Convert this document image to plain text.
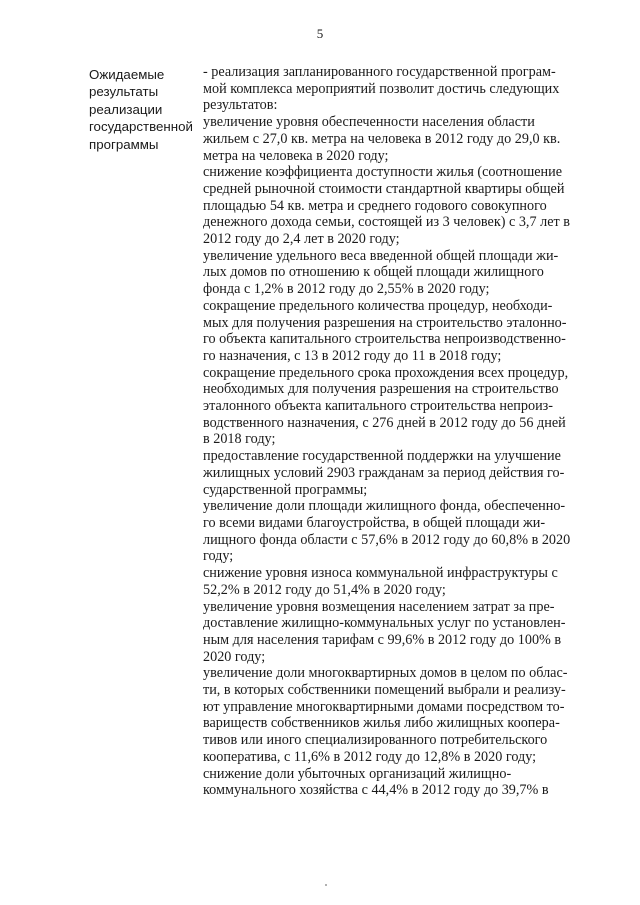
5
Ожидаемые
результаты
реализации
государственной
программы
- реализация запланированного государственной програм-
мой комплекса мероприятий позволит достичь следующих
результатов:
увеличение уровня обеспеченности населения области
жильем с 27,0 кв. метра на человека в 2012 году до 29,0 кв.
метра на человека в 2020 году;
снижение коэффициента доступности жилья (соотношение
средней рыночной стоимости стандартной квартиры общей
площадью 54 кв. метра и среднего годового совокупного
денежного дохода семьи, состоящей из 3 человек) с 3,7 лет в
2012 году до 2,4 лет в 2020 году;
увеличение удельного веса введенной общей площади жи-
лых домов по отношению к общей площади жилищного
фонда с 1,2% в 2012 году до 2,55% в 2020 году;
сокращение предельного количества процедур, необходи-
мых для получения разрешения на строительство эталонно-
го объекта капитального строительства непроизводственно-
го назначения, с 13 в 2012 году до 11 в 2018 году;
сокращение предельного срока прохождения всех процедур,
необходимых для получения разрешения на строительство
эталонного объекта капитального строительства непроиз-
водственного назначения, с 276 дней в 2012 году до 56 дней
в 2018 году;
предоставление государственной поддержки на улучшение
жилищных условий 2903 гражданам за период действия го-
сударственной программы;
увеличение доли площади жилищного фонда, обеспеченно-
го всеми видами благоустройства, в общей площади жи-
лищного фонда области с 57,6% в 2012 году до 60,8% в 2020
году;
снижение уровня износа коммунальной инфраструктуры с
52,2% в 2012 году до 51,4% в 2020 году;
увеличение уровня возмещения населением затрат за пре-
доставление жилищно-коммунальных услуг по установлен-
ным для населения тарифам с 99,6% в 2012 году до 100% в
2020 году;
увеличение доли многоквартирных домов в целом по облас-
ти, в которых собственники помещений выбрали и реализу-
ют управление многоквартирными домами посредством то-
вариществ собственников жилья либо жилищных коопера-
тивов или иного специализированного потребительского
кооператива, с 11,6% в 2012 году до 12,8% в 2020 году;
снижение доли убыточных организаций жилищно-
коммунального хозяйства с 44,4% в 2012 году до 39,7% в
